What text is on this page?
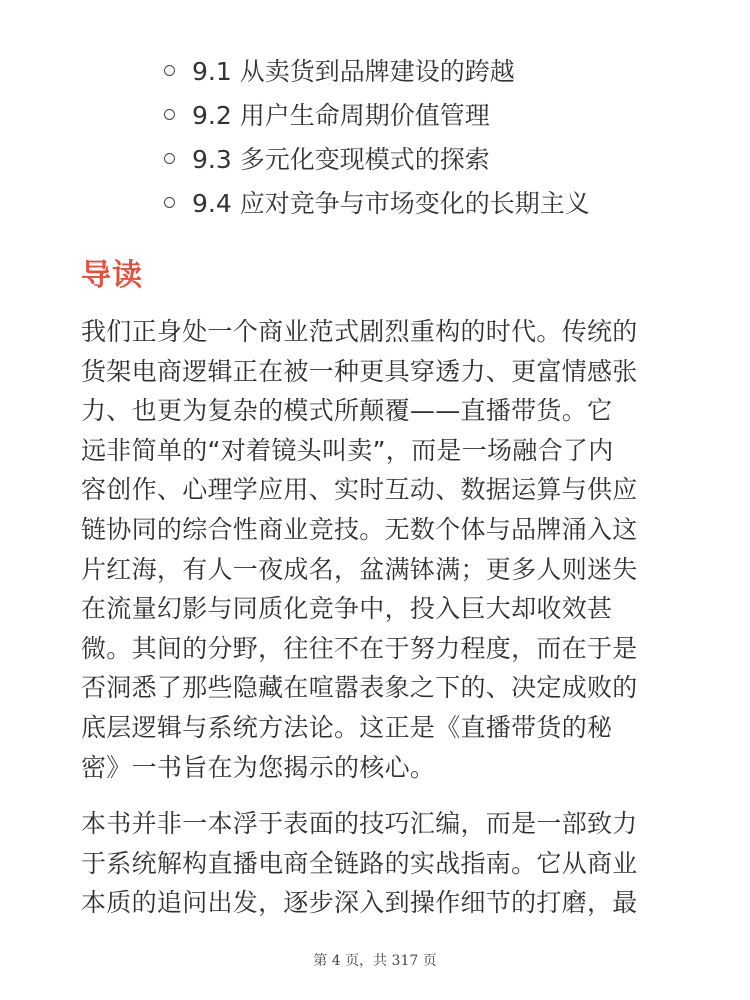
9.1 从卖货到品牌建设的跨越
9.2 用户生命周期价值管理
9.3 多元化变现模式的探索
9.4 应对竞争与市场变化的长期主义
导读

我们正身处一个商业范式剧烈重构的时代。传统的
货架电商逻辑正在被一种更具穿透力、更富情感张
力、也更为复杂的模式所颠覆——直播带货。它
远非简单的“对着镜头叫卖”，而是一场融合了内
容创作、心理学应用、实时互动、数据运算与供应
链协同的综合性商业竞技。无数个体与品牌涌入这
片红海，有人一夜成名，盆满钵满；更多人则迷失
在流量幻影与同质化竞争中，投入巨大却收效甚
微。其间的分野，往往不在于努力程度，而在于是
否洞悉了那些隐藏在喧嚣表象之下的、决定成败的
底层逻辑与系统方法论。这正是《直播带货的秘
密》一书旨在为您揭示的核心。

本书并非一本浮于表面的技巧汇编，而是一部致力
于系统解构直播电商全链路的实战指南。它从商业
本质的追问出发，逐步深入到操作细节的打磨，最

第 4 页，共 317 页
